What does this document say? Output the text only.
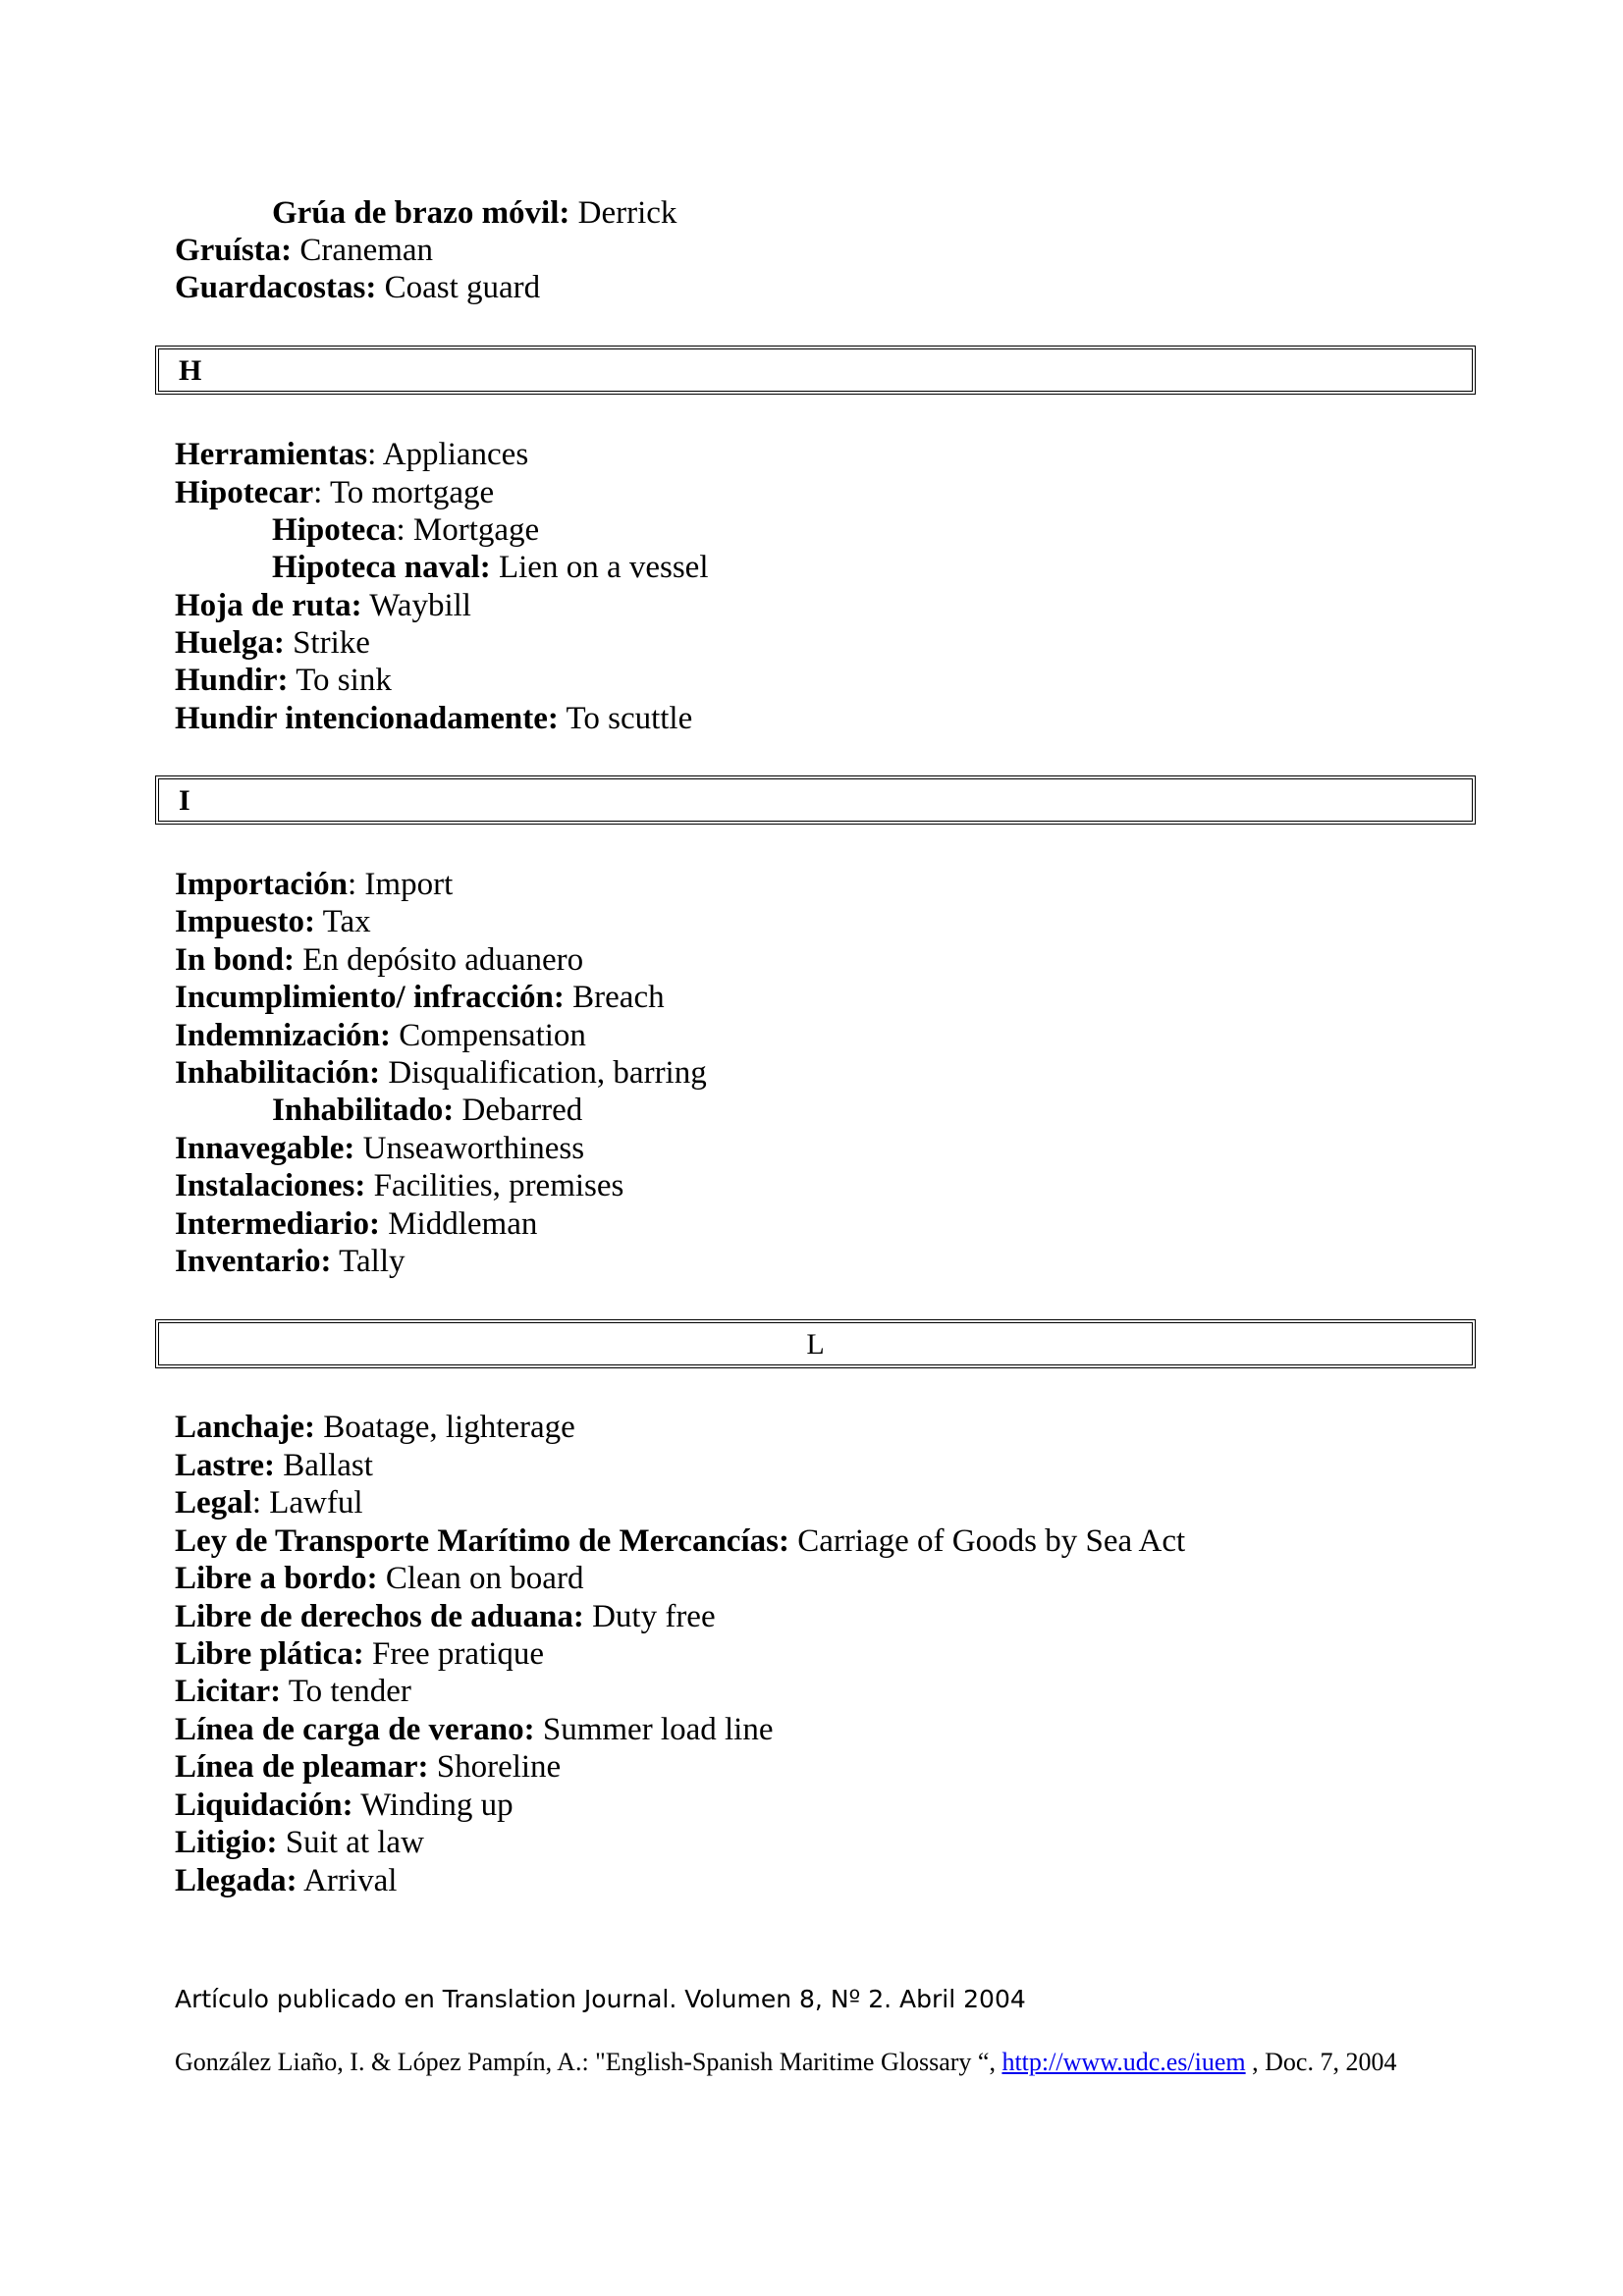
Grúa de brazo móvil: Derrick
Gruísta: Craneman
Guardacostas: Coast guard
H
Herramientas: Appliances
Hipotecar: To mortgage
Hipoteca: Mortgage
Hipoteca naval: Lien on a vessel
Hoja de ruta: Waybill
Huelga: Strike
Hundir: To sink
Hundir intencionadamente: To scuttle
I
Importación: Import
Impuesto: Tax
In bond: En depósito aduanero
Incumplimiento/ infracción: Breach
Indemnización: Compensation
Inhabilitación: Disqualification, barring
Inhabilitado: Debarred
Innavegable: Unseaworthiness
Instalaciones: Facilities, premises
Intermediario: Middleman
Inventario: Tally
L
Lanchaje: Boatage, lighterage
Lastre: Ballast
Legal: Lawful
Ley de Transporte Marítimo de Mercancías: Carriage of Goods by Sea Act
Libre a bordo: Clean on board
Libre de derechos de aduana: Duty free
Libre plática: Free pratique
Licitar: To tender
Línea de carga de verano: Summer load line
Línea de pleamar: Shoreline
Liquidación: Winding up
Litigio: Suit at law
Llegada: Arrival
Artículo publicado en Translation Journal. Volumen 8, Nº 2. Abril 2004
González Liaño, I. & López Pampín, A.: "English-Spanish Maritime Glossary “, http://www.udc.es/iuem , Doc. 7, 2004
